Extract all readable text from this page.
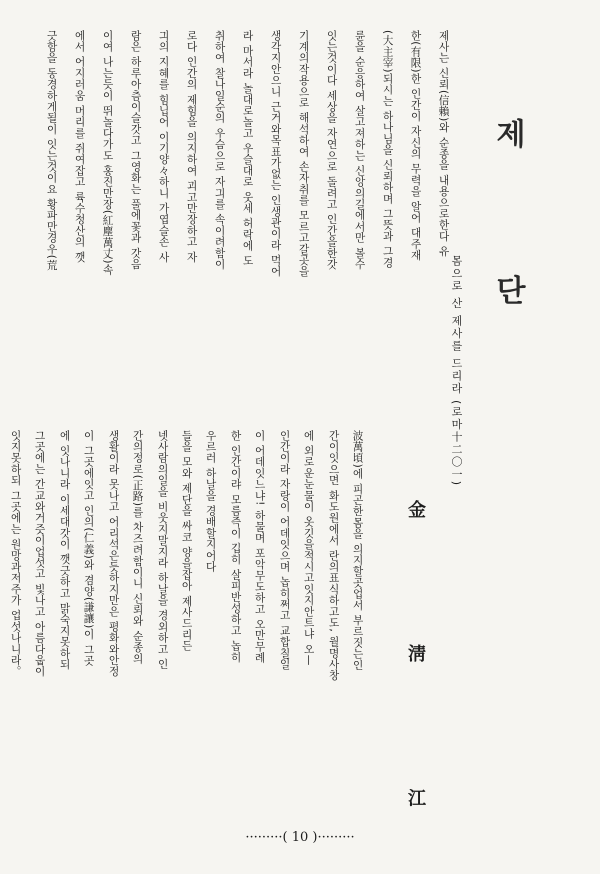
제 단
몸으로 산 제사를 드리라 (로마十二〇一)
金 淸 江
제사는 신뢰(信賴)와 순종을 내용으로한다 유
한(有限)한 인간이 자신의 무력을 알어 대주재
(大主宰)되시는 하나님을 신뢰하며 그뜻과 그경
륜을 순응하여 살고져하는 신앙의길에서만 볼수
잇는것이다 세상을 자연으로 돌려고 인간을한갓
기계의작용으로 해석하여 손자취를 모르고갈곳을
생각지안으니 근거와목표가없는 인생관이라 먹어
라 마서라 놀대로놀고 우슬대로 웃세 허락에 도
취하여 찰나일순의 우슴으로 자긔를 속이려함이
로다 인간의 제힘을 의지하여 괴고만장하고 자
긔의 지혜를 힘닙어 이기양々하니 가엽슬손 사
람은 하루아츰이슬갓고 그영화는 풀에꽃과 갓음
이여 나는듯이 뛰놀다가도 홍진만장(紅塵萬丈)속
에서 어지러움 머리를 쥐여잡고 륙수청산의 깻
긋함을 동경하게될이 잇는것이요 황파만경우(荒
·········( 10 )·········
波萬頃)에 피곤한몸을 의지할곳업서 부르짓는인
간이잇으면 화도원에서 란의표식하고도, 월명사창
에 외로운눈물이 옷깃을적시고잇지안트냐 오—
인간이라 자랑이 어데잇으며 놉히쩌고 교합칠일
이 어데잇느냐! 하물며 포악무도하고 오만무례
한 인간이랴 모름즉이 깁히 살피반성하고 놉히
우르러 하날을 경배할지어다
들을 모와 제단을 싸코 양을잡아 제사드리든
넷사람의일을 비웃지말지라 하날을 경외하고 인
간의정로(正路)를 차즈려함이니 신뢰와 순종의
생활이라 못나고 어리석은듯하지만은 평화와안정
이 그곳에잇고 인의(仁義)와 겸양(謙讓)이 그곳
에 잇나니라 이세대갓이 깻긋하고 맑숙지못하되
그곳에는 간교와거즛이업섯고 빛나고 아름다웁이
잇지못하되 그곳에는 원망과저주가 업섯나니라。
